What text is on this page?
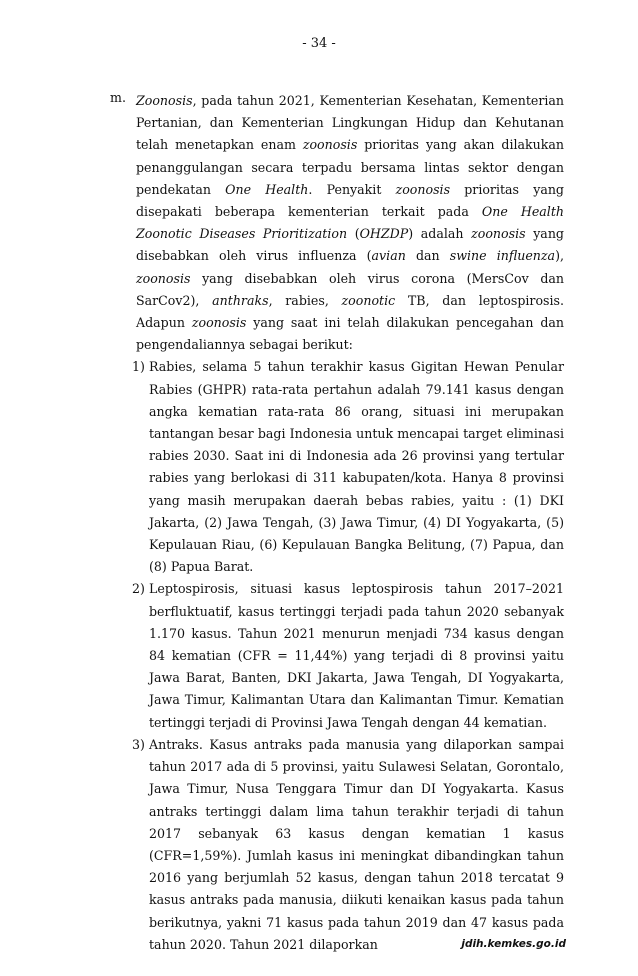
- 34 -
m. Zoonosis, pada tahun 2021, Kementerian Kesehatan, Kementerian Pertanian, dan Kementerian Lingkungan Hidup dan Kehutanan telah menetapkan enam zoonosis prioritas yang akan dilakukan penanggulangan secara terpadu bersama lintas sektor dengan pendekatan One Health. Penyakit zoonosis prioritas yang disepakati beberapa kementerian terkait pada One Health Zoonotic Diseases Prioritization (OHZDP) adalah zoonosis yang disebabkan oleh virus influenza (avian dan swine influenza), zoonosis yang disebabkan oleh virus corona (MersCov dan SarCov2), anthraks, rabies, zoonotic TB, dan leptospirosis. Adapun zoonosis yang saat ini telah dilakukan pencegahan dan pengendaliannya sebagai berikut:

1) Rabies, selama 5 tahun terakhir kasus Gigitan Hewan Penular Rabies (GHPR) rata-rata pertahun adalah 79.141 kasus dengan angka kematian rata-rata 86 orang, situasi ini merupakan tantangan besar bagi Indonesia untuk mencapai target eliminasi rabies 2030. Saat ini di Indonesia ada 26 provinsi yang tertular rabies yang berlokasi di 311 kabupaten/kota. Hanya 8 provinsi yang masih merupakan daerah bebas rabies, yaitu : (1) DKI Jakarta, (2) Jawa Tengah, (3) Jawa Timur, (4) DI Yogyakarta, (5) Kepulauan Riau, (6) Kepulauan Bangka Belitung, (7) Papua, dan (8) Papua Barat.
2) Leptospirosis, situasi kasus leptospirosis tahun 2017–2021 berfluktuatif, kasus tertinggi terjadi pada tahun 2020 sebanyak 1.170 kasus. Tahun 2021 menurun menjadi 734 kasus dengan 84 kematian (CFR = 11,44%) yang terjadi di 8 provinsi yaitu Jawa Barat, Banten, DKI Jakarta, Jawa Tengah, DI Yogyakarta, Jawa Timur, Kalimantan Utara dan Kalimantan Timur. Kematian tertinggi terjadi di Provinsi Jawa Tengah dengan 44 kematian.
3) Antraks. Kasus antraks pada manusia yang dilaporkan sampai tahun 2017 ada di 5 provinsi, yaitu Sulawesi Selatan, Gorontalo, Jawa Timur, Nusa Tenggara Timur dan DI Yogyakarta. Kasus antraks tertinggi dalam lima tahun terakhir terjadi di tahun 2017 sebanyak 63 kasus dengan kematian 1 kasus (CFR=1,59%). Jumlah kasus ini meningkat dibandingkan tahun 2016 yang berjumlah 52 kasus, dengan tahun 2018 tercatat 9 kasus antraks pada manusia, diikuti kenaikan kasus pada tahun berikutnya, yakni 71 kasus pada tahun 2019 dan 47 kasus pada tahun 2020. Tahun 2021 dilaporkan	jdih.kemkes.go.id
